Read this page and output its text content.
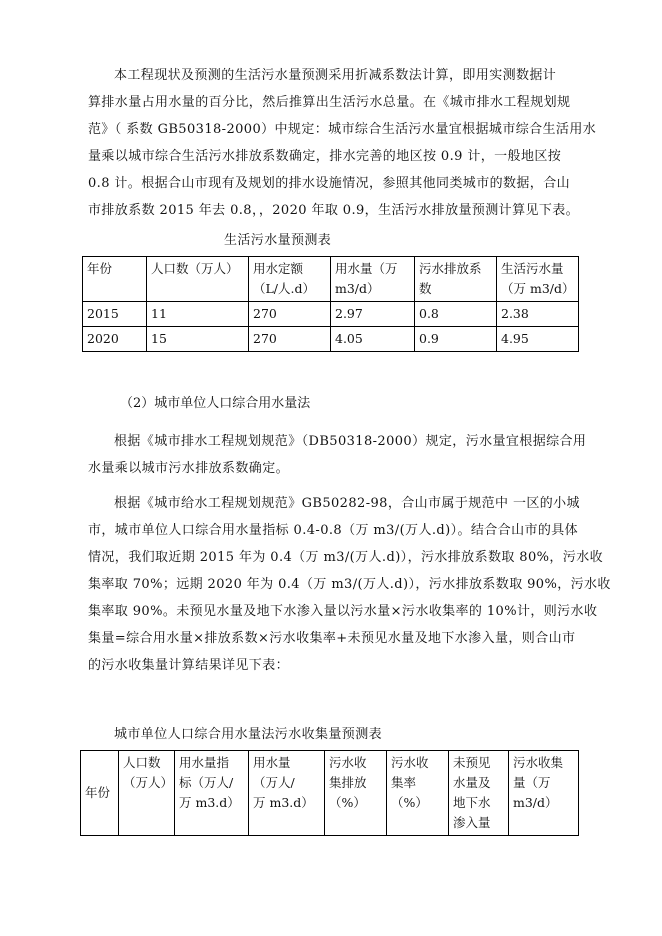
本工程现状及预测的生活污水量预测采用折减系数法计算，即用实测数据计
算排水量占用水量的百分比，然后推算出生活污水总量。在《城市排水工程规划规
范》（ 系数 GB50318-2000）中规定：城市综合生活污水量宜根据城市综合生活用水
量乘以城市综合生活污水排放系数确定，排水完善的地区按 0.9 计，一般地区按
0.8 计。根据合山市现有及规划的排水设施情况，参照其他同类城市的数据，合山
市排放系数 2015 年去 0.8，，2020 年取 0.9，生活污水排放量预测计算见下表。

生活污水量预测表
年份	人口数（万人）	用水定额
（L/人.d）	用水量（万
m3/d）	污水排放系
数	生活污水量
（万 m3/d）
2015	11	270	2.97	0.8	2.38
2020	15	270	4.05	0.9	4.95
（2）城市单位人口综合用水量法

根据《城市排水工程规划规范》（DB50318-2000）规定，污水量宜根据综合用
水量乘以城市污水排放系数确定。

根据《城市给水工程规划规范》GB50282-98，合山市属于规范中 一区的小城
市，城市单位人口综合用水量指标 0.4-0.8（万 m3/(万人.d)）。结合合山市的具体
情况，我们取近期 2015 年为 0.4（万 m3/(万人.d)），污水排放系数取 80%，污水收
集率取 70%；远期 2020 年为 0.4（万 m3/(万人.d)），污水排放系数取 90%，污水收
集率取 90%。未预见水量及地下水渗入量以污水量×污水收集率的 10%计，则污水收
集量=综合用水量×排放系数×污水收集率+未预见水量及地下水渗入量，则合山市
的污水收集量计算结果详见下表：

城市单位人口综合用水量法污水收集量预测表
年份	人口数
（万人）	用水量指
标（万人/
万 m3.d）	用水量
（万人/
万 m3.d）	污水收
集排放
（%）	污水收
集率
（%）	未预见
水量及
地下水
渗入量	污水收集
量（万
m3/d）
